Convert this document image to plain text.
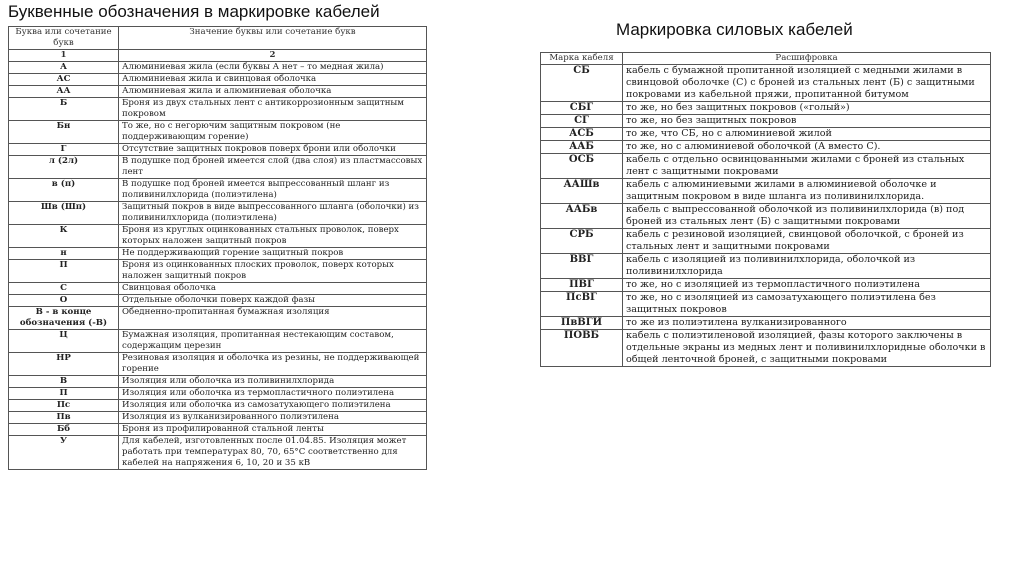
Буквенные обозначения в маркировке кабелей
Маркировка силовых кабелей
Буква или сочетание букв	Значение буквы или сочетание букв
1	2
А	Алюминиевая жила (если буквы А нет – то медная жила)
АС	Алюминиевая жила и свинцовая оболочка
АА	Алюминиевая жила и алюминиевая оболочка
Б	Броня из двух стальных лент с антикоррозионным защитным покровом
Бн	То же, но с негорючим защитным покровом (не поддерживающим горение)
Г	Отсутствие защитных покровов поверх брони или оболочки
л (2л)	В подушке под броней имеется слой (два слоя) из пластмассовых лент
в (п)	В подушке под броней имеется выпрессованный шланг из поливинилхлорида (полиэтилена)
Шв (Шп)	Защитный покров в виде выпрессованного шланга (оболочки) из поливинилхлорида (полиэтилена)
К	Броня из круглых оцинкованных стальных проволок, поверх которых наложен защитный покров
н	Не поддерживающий горение защитный покров
П	Броня из оцинкованных плоских проволок, поверх которых наложен защитный покров
С	Свинцовая оболочка
О	Отдельные оболочки поверх каждой фазы
В - в конце обозначения (-В)	Обедненно-пропитанная бумажная изоляция
Ц	Бумажная изоляция, пропитанная нестекающим составом, содержащим церезин
НР	Резиновая изоляция и оболочка из резины, не поддерживающей горение
В	Изоляция или оболочка из поливинилхлорида
П	Изоляция или оболочка из термопластичного полиэтилена
Пс	Изоляция или оболочка из самозатухающего полиэтилена
Пв	Изоляция из вулканизированного полиэтилена
Бб	Броня из профилированной стальной ленты
У	Для кабелей, изготовленных после 01.04.85. Изоляция может работать при температурах 80, 70, 65°С соответственно для кабелей на напряжения 6, 10, 20 и 35 кВ
Марка кабеля	Расшифровка
СБ	кабель с бумажной пропитанной изоляцией с медными жилами в свинцовой оболочке (С) с броней из стальных лент (Б) с защитными покровами из кабельной пряжи, пропитанной битумом
СБГ	то же, но без защитных покровов («голый»)
СГ	то же, но без защитных покровов
АСБ	то же, что СБ, но с алюминиевой жилой
ААБ	то же, но с алюминиевой оболочкой (А вместо С).
ОСБ	кабель с отдельно освинцованными жилами с броней из стальных лент с защитными покровами
ААШв	кабель с алюминиевыми жилами в алюминиевой оболочке и защитным покровом в виде шланга из поливинилхлорида.
ААБв	кабель с выпрессованной оболочкой из поливинилхлорида (в) под броней из стальных лент (Б) с защитными покровами
СРБ	кабель с резиновой изоляцией, свинцовой оболочкой, с броней из стальных лент и защитными покровами
ВВГ	кабель с изоляцией из поливинилхлорида, оболочкой из поливинилхлорида
ПВГ	то же, но с изоляцией из термопластичного полиэтилена
ПсВГ	то же, но с изоляцией из самозатухающего полиэтилена без защитных покровов
ПвВГИ	то же из полиэтилена вулканизированного
ПОВБ	кабель с полиэтиленовой изоляцией, фазы которого заключены в отдельные экраны из медных лент и поливинилхлоридные оболочки в общей ленточной броней, с защитными покровами
